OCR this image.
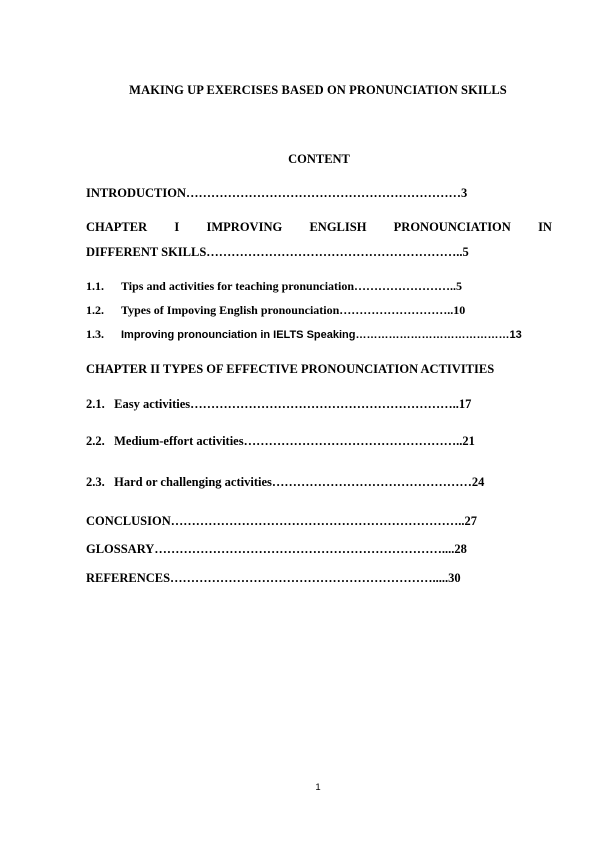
MAKING UP EXERCISES BASED ON PRONUNCIATION SKILLS
CONTENT
INTRODUCTION…………………………………………………………3
CHAPTER I IMPROVING ENGLISH PRONOUNCIATION IN
DIFFERENT SKILLS……………………………………………………..5
1.1. Tips and activities for teaching pronunciation……………………..5
1.2. Types of Impoving English pronounciation………………………..10
1.3. Improving pronounciation in IELTS Speaking……………………………………13
CHAPTER II TYPES OF EFFECTIVE PRONOUNCIATION ACTIVITIES
2.1. Easy activities………………………………………………………..17
2.2. Medium-effort activities……………………………………………..21
2.3. Hard or challenging activities…………………………………………24
CONCLUSION……………………………………………………………..27
GLOSSARY……………………………………………………………....28
REFERENCES……………………………………………………….....30
1
